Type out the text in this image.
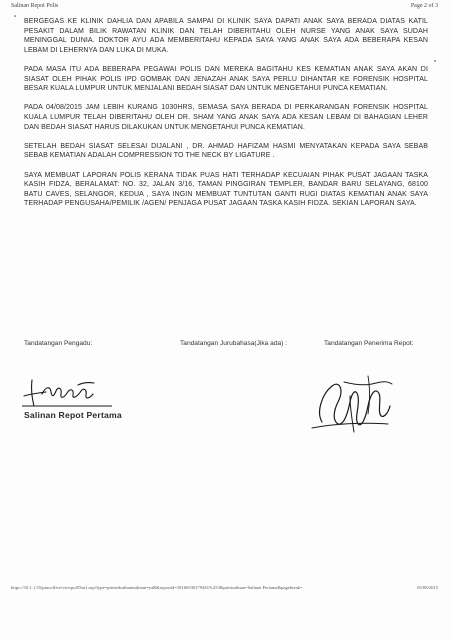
Salinan Repot Polis	Page 2 of 3

BERGEGAS KE KLINIK DAHLIA DAN APABILA SAMPAI DI KLINIK SAYA DAPATI ANAK SAYA BERADA DIATAS KATIL PESAKIT DALAM BILIK RAWATAN KLINIK DAN TELAH DIBERITAHU OLEH NURSE YANG ANAK SAYA SUDAH MENINGGAL DUNIA. DOKTOR AYU ADA MEMBERITAHU KEPADA SAYA YANG ANAK SAYA ADA BEBERAPA KESAN LEBAM DI LEHERNYA DAN LUKA DI MUKA.

PADA MASA ITU ADA BEBERAPA PEGAWAI POLIS DAN MEREKA BAGITAHU KES KEMATIAN ANAK SAYA AKAN DI SIASAT OLEH PIHAK POLIS IPD GOMBAK DAN JENAZAH ANAK SAYA PERLU DIHANTAR KE FORENSIK HOSPITAL BESAR KUALA LUMPUR UNTUK MENJALANI BEDAH SIASAT DAN UNTUK MENGETAHUI PUNCA KEMATIAN.

PADA 04/08/2015 JAM LEBIH KURANG 1030HRS, SEMASA SAYA BERADA DI PERKARANGAN FORENSIK HOSPITAL KUALA LUMPUR TELAH DIBERITAHU OLEH DR. SHAM YANG ANAK SAYA ADA KESAN LEBAM DI BAHAGIAN LEHER DAN BEDAH SIASAT HARUS DILAKUKAN UNTUK MENGETAHUI PUNCA KEMATIAN.

SETELAH BEDAH SIASAT SELESAI DIJALANI , DR. AHMAD HAFIZAM HASMI MENYATAKAN KEPADA SAYA SEBAB SEBAB KEMATIAN ADALAH COMPRESSION TO THE NECK BY LIGATURE .

SAYA MEMBUAT LAPORAN POLIS KERANA TIDAK PUAS HATI TERHADAP KECUAIAN PIHAK PUSAT JAGAAN TASKA KASIH FIDZA, BERALAMAT: NO. 32, JALAN 3/16, TAMAN PINGGIRAN TEMPLER, BANDAR BARU SELAYANG, 68100 BATU CAVES, SELANGOR, KEDUA , SAYA INGIN MEMBUAT TUNTUTAN GANTI RUGI DIATAS KEMATIAN ANAK SAYA TERHADAP PENGUSAHA/PEMILIK /AGEN/ PENJAGA PUSAT JAGAAN TASKA KASIH FIDZA. SEKIAN LAPORAN SAYA.

Tandatangan Pengadu:	Tandatangan Jurubahasa(Jika ada) :	Tandatangan Penerima Repot:
Salinan Repot Pertama
https://10.1.1.55/pmcoffice/viewpol55m1.asp?type=printedsalinansalinan=yaR&reportid=18166530179461%253&printsalinan=Salinan Pertama&pagebreak=	05/08/2015
